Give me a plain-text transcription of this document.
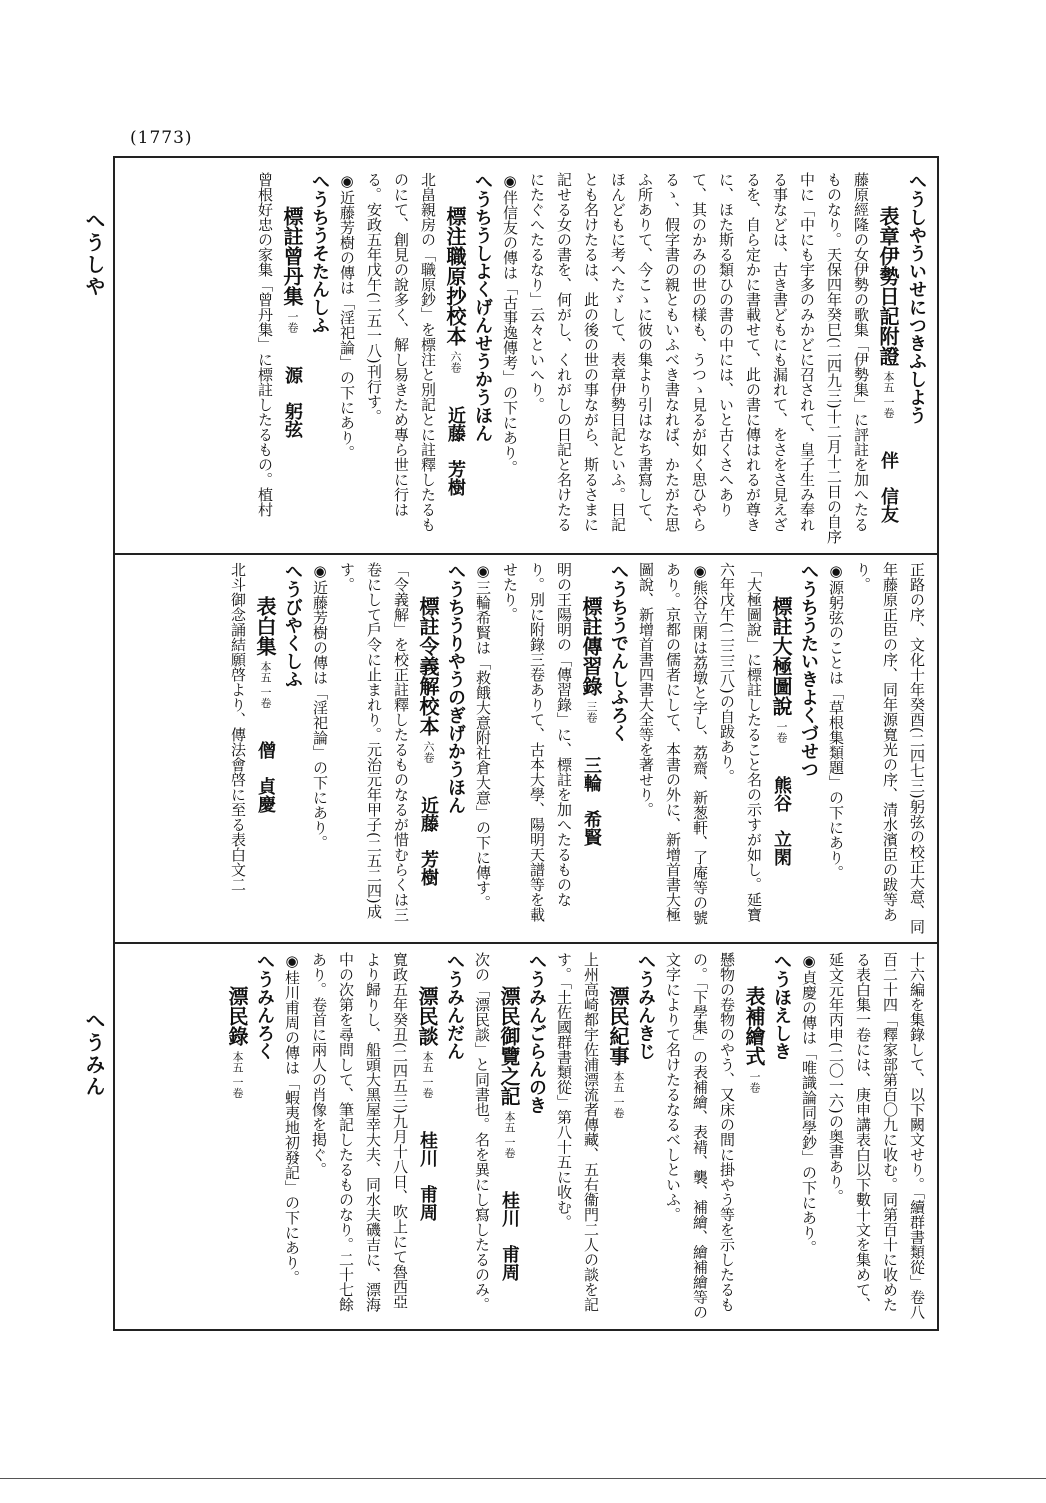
(1773)
へうしや
へうみん

へうしやういせにつきふしよう

表章伊勢日記附證 本五 一卷 伴　信友

藤原經隆の女伊勢の歌集「伊勢集」に評註を加へたるものなり。天保四年癸巳(二四九三)十二月十二日の自序中に「中にも宇多のみかどに召されて、皇子生み奉れる事などは、古き書どもにも漏れて、をさをさ見えざるを、自ら定かに書載せて、此の書に傳はれるが尊きに、ほた斯る類ひの書の中には、いと古くさへありて、其のかみの世の樣も、うつゝ見るが如く思ひやらるゝ、假字書の親ともいふべき書なれば、かたがた思ふ所ありて、今こゝに彼の集より引はなち書寫して、ほんどもに考へたゞして、表章伊勢日記といふ。日記とも名けたるは、此の後の世の事ながら、斯るさまに記せる女の書を、何がし、くれがしの日記と名けたるにたぐへたるなり」云々といへり。

◉伴信友の傳は「古事逸傳考」の下にあり。

へうちうしよくげんせうかうほん

標注職原抄校本 六卷 近藤　芳樹

北畠親房の「職原鈔」を標注と別記とに註釋したるものにて、創見の說多く、解し易きため專ら世に行はる。安政五年戊午(二五一八)刊行す。

◉近藤芳樹の傳は「淫祀論」の下にあり。

へうちうそたんしふ

標註曾丹集 一卷 源　躬弦

曾根好忠の家集「曾丹集」に標註したるもの。植村

正路の序、文化十年癸酉(二四七三)躬弦の校正大意、同年藤原正臣の序、同年源寬光の序、清水濱臣の跋等あり。

◉源躬弦のことは「草根集類題」の下にあり。

へうちうたいきよくづせつ

標註大極圖說 一卷 熊谷　立閑

「大極圖說」に標註したること名の示すが如し。延寶六年戊午(二三三八)の自跋あり。

◉熊谷立閑は荔墩と字し、荔齋、新葱軒、了庵等の號あり。京都の儒者にして、本書の外に、新增首書大極圖說、新增首書四書大全等を著せり。

へうちうでんしふろく

標註傳習錄 三卷 三輪　希賢

明の王陽明の「傳習錄」に、標註を加へたるものなり。別に附錄三卷ありて、古本大學、陽明天譜等を載せたり。

◉三輪希賢は「救餓大意附社倉大意」の下に傳す。

へうちうりやうのぎげかうほん

標註令義解校本 六卷 近藤　芳樹

「令義解」を校正註釋したるものなるが惜むらくは三卷にして戶令に止まれり。元治元年甲子(二五二四)成す。

◉近藤芳樹の傳は「淫祀論」の下にあり。

へうびやくしふ

表白集 本五 一卷 僧　貞慶

北斗御念誦結願啓より、傳法會啓に至る表白文二

十六編を集錄して、以下闕文せり。「續群書類從」卷八百二十四「釋家部第百〇九に收む。同第百十に收めたる表白集一卷には、庚申講表白以下數十文を集めて、延文元年丙申(二〇一六)の奥書あり。

◉貞慶の傳は「唯識論同學鈔」の下にあり。

へうほえしき

表補繪式 一卷

懸物の卷物のやう、又床の間に掛やう等を示したるもの。「下學集」の表補繪、表褙、襲、補繪、繪補繪等の文字によりて名けたるなるべしといふ。

へうみんきじ

漂民紀事 本五 一卷

上州高崎都宇佐浦漂流者傳藏、五右衞門二人の談を記す。「土佐國群書類從」第八十五に收む。

へうみんごらんのき

漂民御覽之記 本五 一卷 桂川　甫周

次の「漂民談」と同書也。名を異にし寫したるのみ。

へうみんだん

漂民談 本五 一卷 桂川　甫周

寬政五年癸丑(二四五三)九月十八日、吹上にて魯西亞より歸りし、船頭大黑屋幸大夫、同水夫磯吉に、漂海中の次第を尋問して、筆記したるものなり。二十七餘あり。卷首に兩人の肖像を掲ぐ。

◉桂川甫周の傳は「蝦夷地初發記」の下にあり。

へうみんろく

漂民錄 本五 一卷
